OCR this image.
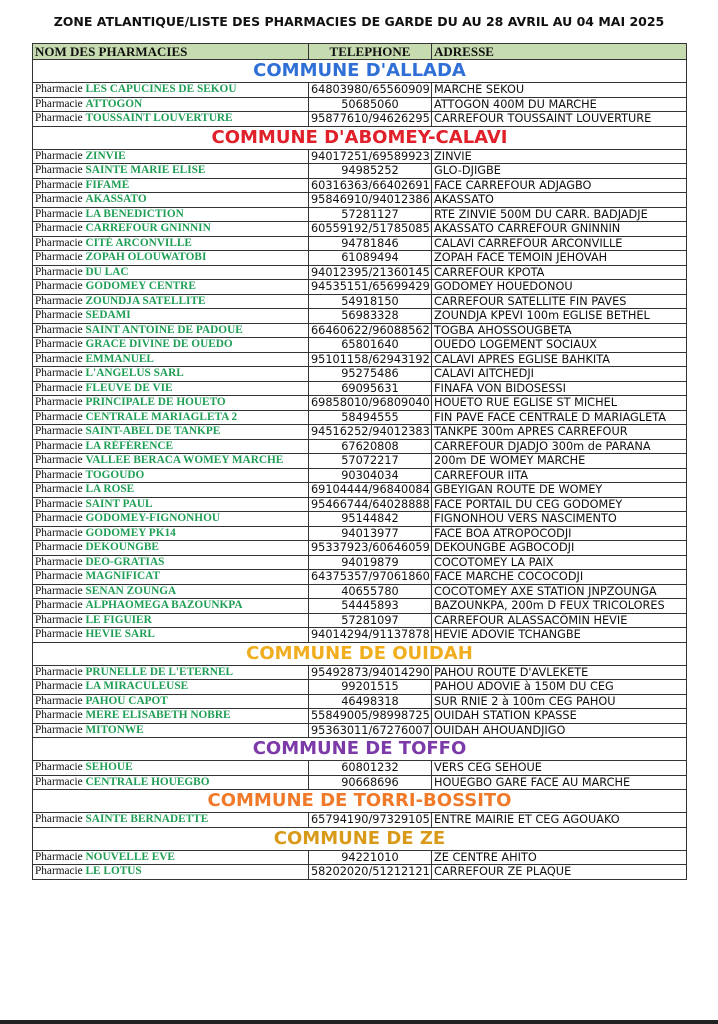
ZONE ATLANTIQUE/LISTE DES PHARMACIES DE GARDE DU AU 28 AVRIL AU 04 MAI 2025
NOM DES PHARMACIES	TELEPHONE	ADRESSE
COMMUNE D'ALLADA		
Pharmacie LES CAPUCINES DE SEKOU	64803980/65560909	MARCHE SEKOU
Pharmacie ATTOGON	50685060	ATTOGON 400M DU MARCHE
Pharmacie TOUSSAINT LOUVERTURE	95877610/94626295	CARREFOUR TOUSSAINT LOUVERTURE
COMMUNE D'ABOMEY-CALAVI		
Pharmacie ZINVIE	94017251/69589923	ZINVIE
Pharmacie SAINTE MARIE ELISE	94985252	GLO-DJIGBE
Pharmacie FIFAMÈ	60316363/66402691	FACE CARREFOUR ADJAGBO
Pharmacie AKASSATO	95846910/94012386	AKASSATO
Pharmacie LA BENEDICTION	57281127	RTE ZINVIE 500M DU CARR. BADJADJE
Pharmacie CARREFOUR GNINNIN	60559192/51785085	AKASSATO CARREFOUR GNINNIN
Pharmacie CITÉ ARCONVILLE	94781846	CALAVI CARREFOUR ARCONVILLE
Pharmacie ZOPAH OLOUWATOBI	61089494	ZOPAH FACE TEMOIN JEHOVAH
Pharmacie DU LAC	94012395/21360145	CARREFOUR KPOTA
Pharmacie GODOMEY CENTRE	94535151/65699429	GODOMEY HOUEDONOU
Pharmacie ZOUNDJA SATELLITE	54918150	CARREFOUR SATELLITE FIN PAVES
Pharmacie SEDAMI	56983328	ZOUNDJA KPEVI 100m EGLISE BETHEL
Pharmacie SAINT ANTOINE DE PADOUE	66460622/96088562	TOGBA AHOSSOUGBETA
Pharmacie GRACE DIVINE DE OUEDO	65801640	OUEDO LOGEMENT SOCIAUX
Pharmacie EMMANUEL	95101158/62943192	CALAVI APRES EGLISE BAHKITA
Pharmacie L'ANGELUS SARL	95275486	CALAVI AITCHEDJI
Pharmacie FLEUVE DE VIE	69095631	FINAFA VON BIDOSESSI
Pharmacie PRINCIPALE DE HOUETO	69858010/96809040	HOUETO RUE EGLISE ST MICHEL
Pharmacie CENTRALE MARIAGLETA 2	58494555	FIN PAVE FACE CENTRALE D MARIAGLETA
Pharmacie SAINT-ABEL DE TANKPE	94516252/94012383	TANKPE 300m APRES CARREFOUR
Pharmacie LA RÉFÉRENCE	67620808	CARREFOUR DJADJO 300m de PARANA
Pharmacie VALLEE BERACA WOMEY MARCHE	57072217	200m DE WOMEY MARCHE
Pharmacie TOGOUDO	90304034	CARREFOUR IITA
Pharmacie LA ROSE	69104444/96840084	GBEYIGAN ROUTE DE WOMEY
Pharmacie SAINT PAUL	95466744/64028888	FACE PORTAIL DU CEG GODOMEY
Pharmacie GODOMEY-FIGNONHOU	95144842	FIGNONHOU VERS NASCIMENTO
Pharmacie GODOMEY PK14	94013977	FACE BOA ATROPOCODJI
Pharmacie DEKOUNGBE	95337923/60646059	DEKOUNGBE AGBOCODJI
Pharmacie DEO-GRATIAS	94019879	COCOTOMEY LA PAIX
Pharmacie MAGNIFICAT	64375357/97061860	FACE MARCHE COCOCODJI
Pharmacie SENAN ZOUNGA	40655780	COCOTOMEY AXE STATION JNPZOUNGA
Pharmacie ALPHAOMEGA BAZOUNKPA	54445893	BAZOUNKPA, 200m D FEUX TRICOLORES
Pharmacie LE FIGUIER	57281097	CARREFOUR ALASSACÖMIN HEVIE
Pharmacie HEVIE SARL	94014294/91137878	HEVIE ADOVIE TCHANGBE
COMMUNE DE OUIDAH		
Pharmacie PRUNELLE DE L'ETERNEL	95492873/94014290	PAHOU ROUTE D'AVLEKETE
Pharmacie LA MIRACULEUSE	99201515	PAHOU ADOVIE à 150M DU CEG
Pharmacie PAHOU CAPOT	46498318	SUR RNIE 2 à 100m CEG PAHOU
Pharmacie MERE ELISABETH NOBRE	55849005/98998725	OUIDAH STATION KPASSE
Pharmacie MITONWE	95363011/67276007	OUIDAH AHOUANDJIGO
COMMUNE DE TOFFO		
Pharmacie SEHOUE	60801232	VERS CEG SEHOUE
Pharmacie CENTRALE HOUEGBO	90668696	HOUEGBO GARE FACE AU MARCHE
COMMUNE DE TORRI-BOSSITO		
Pharmacie SAINTE BERNADETTE	65794190/97329105	ENTRE MAIRIE ET CEG AGOUAKO
COMMUNE DE ZE		
Pharmacie NOUVELLE EVE	94221010	ZE CENTRE AHITO
Pharmacie LE LOTUS	58202020/51212121	CARREFOUR ZE PLAQUE
